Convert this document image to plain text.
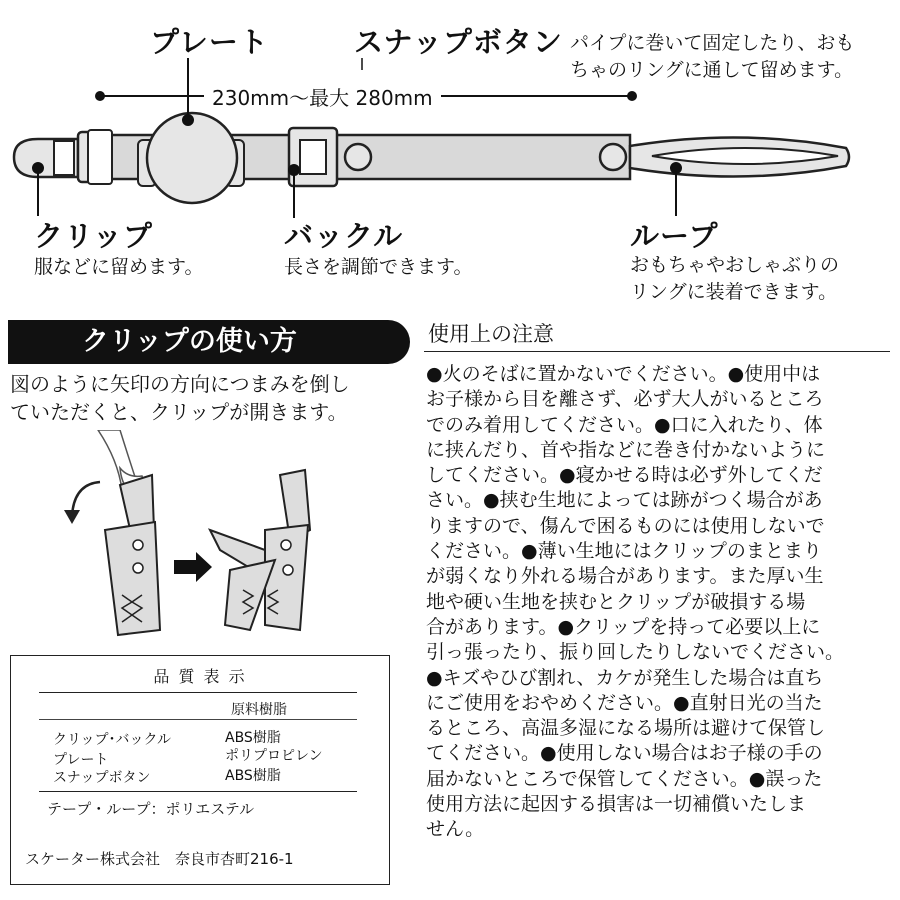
プレート	スナップボタン パイプに巻いて固定したり、おも
ちゃのリングに通して留めます。
230mm〜最大 280mm
クリップ
服などに留めます。
バックル
長さを調節できます。
ループ
おもちゃやおしゃぶりの
リングに装着できます。
クリップの使い方
図のように矢印の方向につまみを倒し
ていただくと、クリップが開きます。
品 質 表 示
原料樹脂
クリップ･バックル	ABS樹脂
プレート	ポリプロピレン
スナップボタン	ABS樹脂
テープ・ループ：ポリエステル
スケーター株式会社　奈良市杏町216-1
使用上の注意
●火のそばに置かないでください。●使用中は
お子様から目を離さず、必ず大人がいるところ
でのみ着用してください。●口に入れたり、体
に挟んだり、首や指などに巻き付かないように
してください。●寝かせる時は必ず外してくだ
さい。●挟む生地によっては跡がつく場合があ
りますので、傷んで困るものには使用しないで
ください。●薄い生地にはクリップのまとまり
が弱くなり外れる場合があります。また厚い生
地や硬い生地を挟むとクリップが破損する場
合があります。●クリップを持って必要以上に
引っ張ったり、振り回したりしないでください。
●キズやひび割れ、カケが発生した場合は直ち
にご使用をおやめください。●直射日光の当た
るところ、高温多湿になる場所は避けて保管し
てください。●使用しない場合はお子様の手の
届かないところで保管してください。●誤った
使用方法に起因する損害は一切補償いたしま
せん。
